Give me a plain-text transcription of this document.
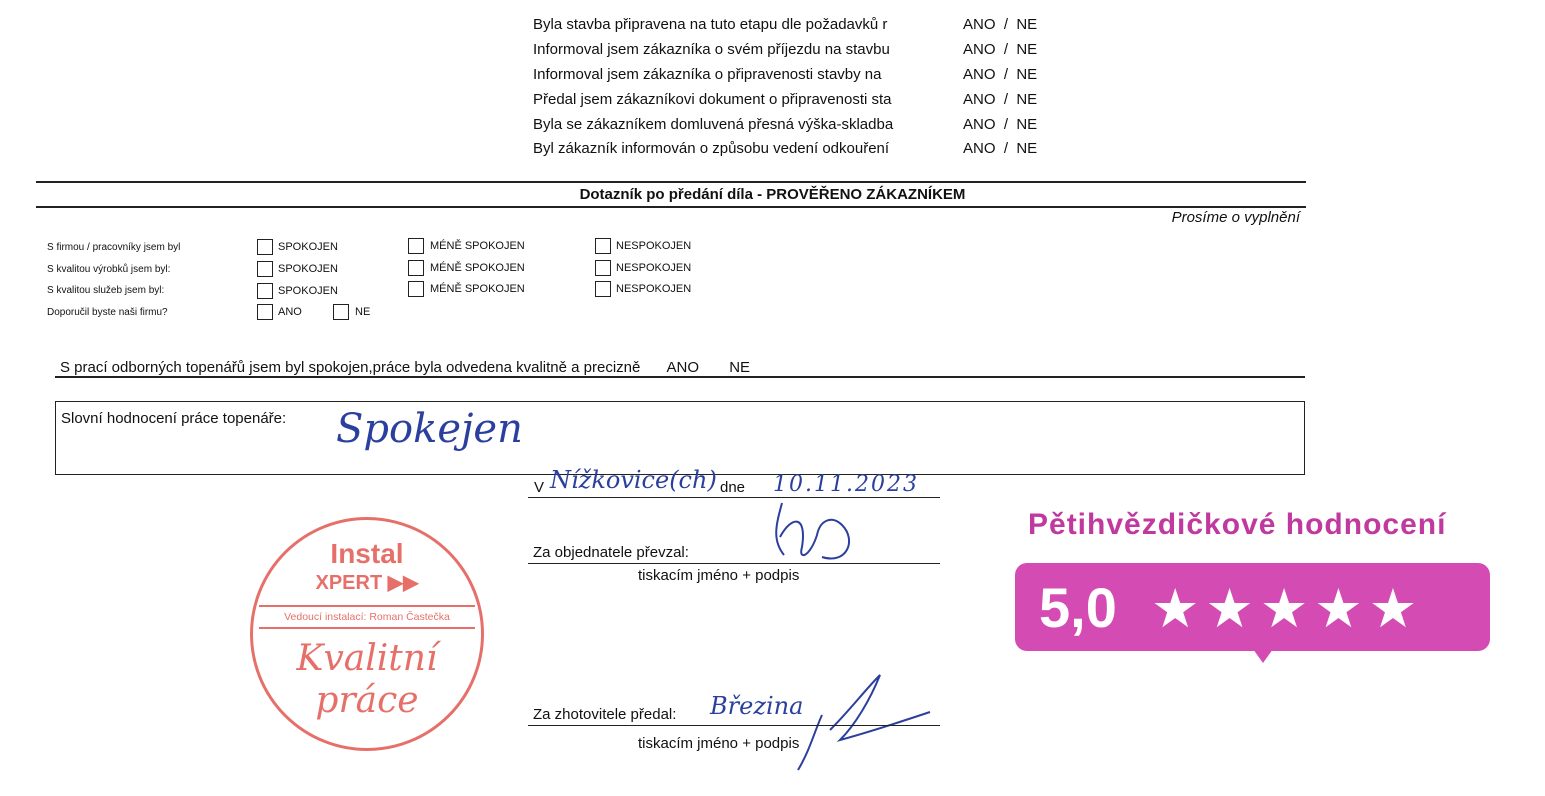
Byla stavba připravena na tuto etapu dle požadavků r	ANO  /  NE
Informoval jsem zákazníka o svém příjezdu na stavbu	ANO  /  NE
Informoval jsem zákazníka o připravenosti stavby na	ANO  /  NE
Předal jsem zákazníkovi dokument o připravenosti sta	ANO  /  NE
Byla se zákazníkem domluvená přesná výška-skladba	ANO  /  NE
Byl zákazník informován o způsobu vedení odkouření	ANO  /  NE
Dotazník po předání díla - PROVĚŘENO ZÁKAZNÍKEM
Prosíme o vyplnění
S firmou / pracovníky jsem byl	SPOKOJEN	MÉNĚ SPOKOJEN	NESPOKOJEN
S kvalitou výrobků jsem byl:	SPOKOJEN	MÉNĚ SPOKOJEN	NESPOKOJEN
S kvalitou služeb jsem byl:	SPOKOJEN	MÉNĚ SPOKOJEN	NESPOKOJEN
Doporučil byste naši firmu?	ANO	NE
S prací odborných topenářů jsem byl spokojen,práce byla odvedena kvalitně a precizně ANO NE
Slovní hodnocení práce topenáře: Spokejen
V Nížkovice(ch) dne 10.11.2023
Za objednatele převzal:
tiskacím jméno + podpis
Za zhotovitele předal: Březina
tiskacím jméno + podpis
Instal
XPERT ▶▶
Vedoucí instalací: Roman Častečka
Kvalitní
práce
Pětihvězdičkové hodnocení
5,0 ★★★★★
